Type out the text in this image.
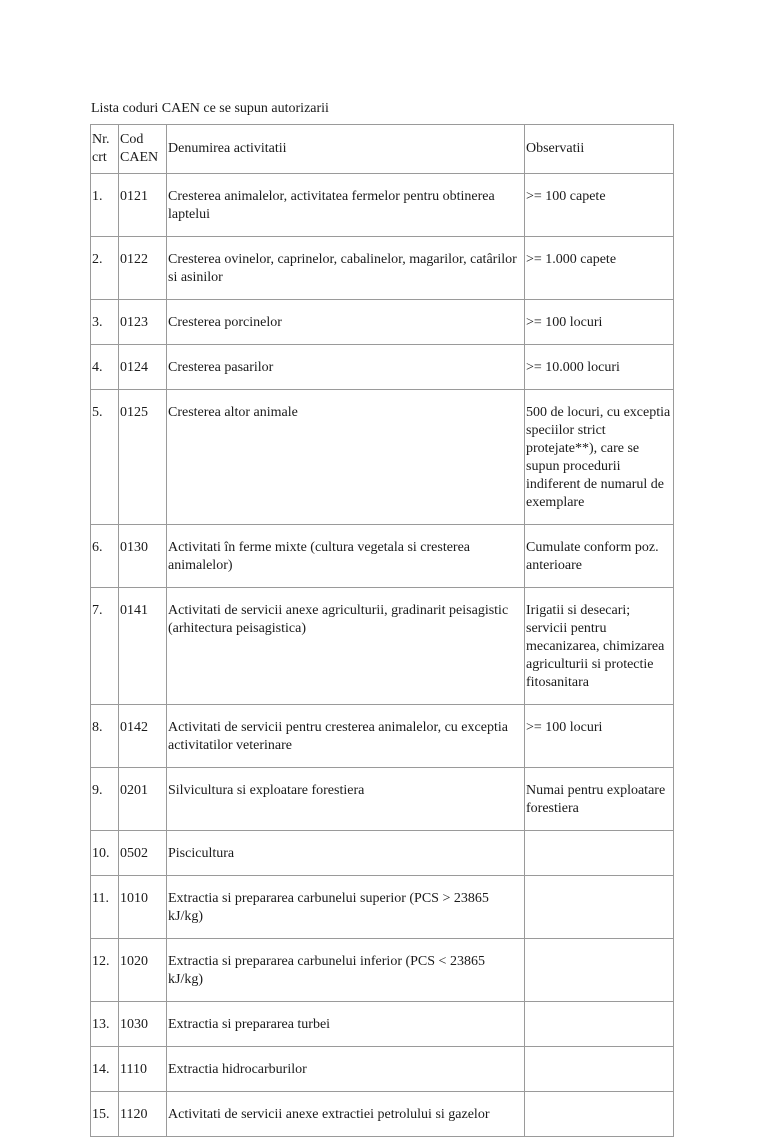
Lista coduri CAEN ce se supun autorizarii
Nr. crt	Cod CAEN	Denumirea activitatii	Observatii
1.	0121	Cresterea animalelor, activitatea fermelor pentru obtinerea laptelui	>= 100 capete
2.	0122	Cresterea ovinelor, caprinelor, cabalinelor, magarilor, catârilor si asinilor	>= 1.000 capete
3.	0123	Cresterea porcinelor	>= 100 locuri
4.	0124	Cresterea pasarilor	>= 10.000 locuri
5.	0125	Cresterea altor animale	500 de locuri, cu exceptia speciilor strict protejate**), care se supun procedurii indiferent de numarul de exemplare
6.	0130	Activitati în ferme mixte (cultura vegetala si cresterea animalelor)	Cumulate conform poz. anterioare
7.	0141	Activitati de servicii anexe agriculturii, gradinarit peisagistic (arhitectura peisagistica)	Irigatii si desecari; servicii pentru mecanizarea, chimizarea agriculturii si protectie fitosanitara
8.	0142	Activitati de servicii pentru cresterea animalelor, cu exceptia activitatilor veterinare	>= 100 locuri
9.	0201	Silvicultura si exploatare forestiera	Numai pentru exploatare forestiera
10.	0502	Piscicultura	
11.	1010	Extractia si prepararea carbunelui superior (PCS > 23865 kJ/kg)	
12.	1020	Extractia si prepararea carbunelui inferior (PCS < 23865 kJ/kg)	
13.	1030	Extractia si prepararea turbei	
14.	1110	Extractia hidrocarburilor	
15.	1120	Activitati de servicii anexe extractiei petrolului si gazelor	
